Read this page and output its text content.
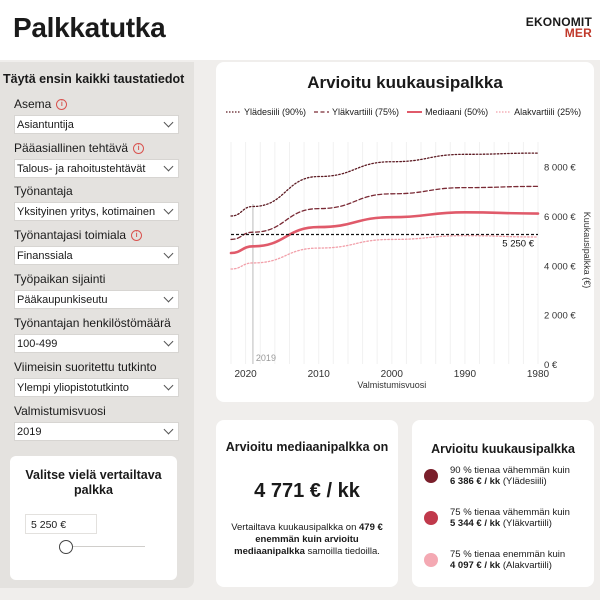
Palkkatutka	EKONOMIT
MER
Täytä ensin kaikki taustatiedot
Asema	i
Asiantuntija
Pääasiallinen tehtävä	i
Talous- ja rahoitustehtävät
Työnantaja
Yksityinen yritys, kotimainen
Työnantajasi toimiala	i
Finanssiala
Työpaikan sijainti
Pääkaupunkiseutu
Työnantajan henkilöstömäärä
100-499
Viimeisin suoritettu tutkinto
Ylempi yliopistotutkinto
Valmistumisvuosi
2019
Valitse vielä vertailtava palkka
5 250 €
Arvioitu kuukausipalkka
Ylädesiili (90%)	Yläkvartiili (75%)	Mediaani (50%)	Alakvartiili (25%)
0 €
2 000 €
4 000 €
6 000 €
8 000 €
Kuukausipalkka (€)
2020	2010	2000	1990	1980
Valmistumisvuosi
2019
5 250 €
Arvioitu mediaanipalkka on
4 771 € / kk
Vertailtava kuukausipalkka on 479 € enemmän kuin arvioitu mediaanipalkka samoilla tiedoilla.
Arvioitu kuukausipalkka
90 % tienaa vähemmän kuin
6 386 € / kk (Ylädesiili)
75 % tienaa vähemmän kuin
5 344 € / kk (Yläkvartiili)
75 % tienaa enemmän kuin
4 097 € / kk (Alakvartiili)
